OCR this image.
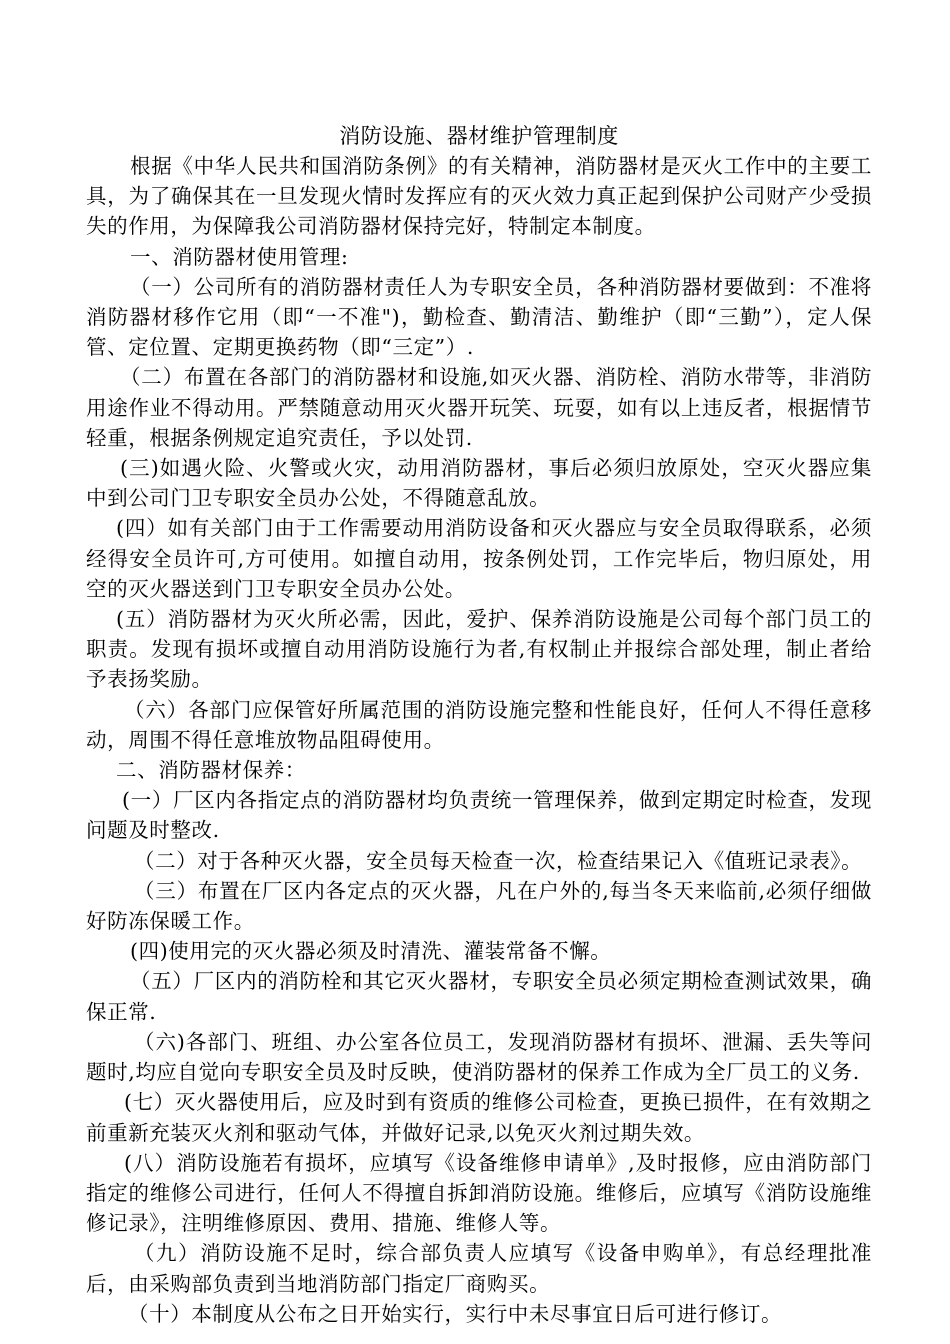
消防设施、器材维护管理制度

根据《中华人民共和国消防条例》的有关精神，消防器材是灭火工作中的主要工具，为了确保其在一旦发现火情时发挥应有的灭火效力真正起到保护公司财产少受损失的作用，为保障我公司消防器材保持完好，特制定本制度。

一、消防器材使用管理:

（一）公司所有的消防器材责任人为专职安全员，各种消防器材要做到：不准将消防器材移作它用（即“一不准")，勤检查、勤清洁、勤维护（即“三勤”），定人保管、定位置、定期更换药物（即“三定”）.

（二）布置在各部门的消防器材和设施,如灭火器、消防栓、消防水带等，非消防用途作业不得动用。严禁随意动用灭火器开玩笑、玩耍，如有以上违反者，根据情节轻重，根据条例规定追究责任，予以处罚.

(三)如遇火险、火警或火灾，动用消防器材，事后必须归放原处，空灭火器应集中到公司门卫专职安全员办公处，不得随意乱放。

(四）如有关部门由于工作需要动用消防设备和灭火器应与安全员取得联系，必须经得安全员许可,方可使用。如擅自动用，按条例处罚，工作完毕后，物归原处，用空的灭火器送到门卫专职安全员办公处。

(五）消防器材为灭火所必需，因此，爱护、保养消防设施是公司每个部门员工的职责。发现有损坏或擅自动用消防设施行为者,有权制止并报综合部处理，制止者给予表扬奖励。

（六）各部门应保管好所属范围的消防设施完整和性能良好，任何人不得任意移动，周围不得任意堆放物品阻碍使用。

二、消防器材保养：

(一）厂区内各指定点的消防器材均负责统一管理保养，做到定期定时检查，发现问题及时整改.

（二）对于各种灭火器，安全员每天检查一次，检查结果记入《值班记录表》。

（三）布置在厂区内各定点的灭火器，凡在户外的,每当冬天来临前,必须仔细做好防冻保暖工作。

(四)使用完的灭火器必须及时清洗、灌装常备不懈。

（五）厂区内的消防栓和其它灭火器材，专职安全员必须定期检查测试效果，确保正常.

（六)各部门、班组、办公室各位员工，发现消防器材有损坏、泄漏、丢失等问题时,均应自觉向专职安全员及时反映，使消防器材的保养工作成为全厂员工的义务.

(七）灭火器使用后，应及时到有资质的维修公司检查，更换已损件，在有效期之前重新充装灭火剂和驱动气体，并做好记录,以免灭火剂过期失效。

(八）消防设施若有损坏，应填写《设备维修申请单》,及时报修，应由消防部门指定的维修公司进行，任何人不得擅自拆卸消防设施。维修后，应填写《消防设施维修记录》，注明维修原因、费用、措施、维修人等。

（九）消防设施不足时，综合部负责人应填写《设备申购单》，有总经理批准后，由采购部负责到当地消防部门指定厂商购买。

（十）本制度从公布之日开始实行，实行中未尽事宜日后可进行修订。
